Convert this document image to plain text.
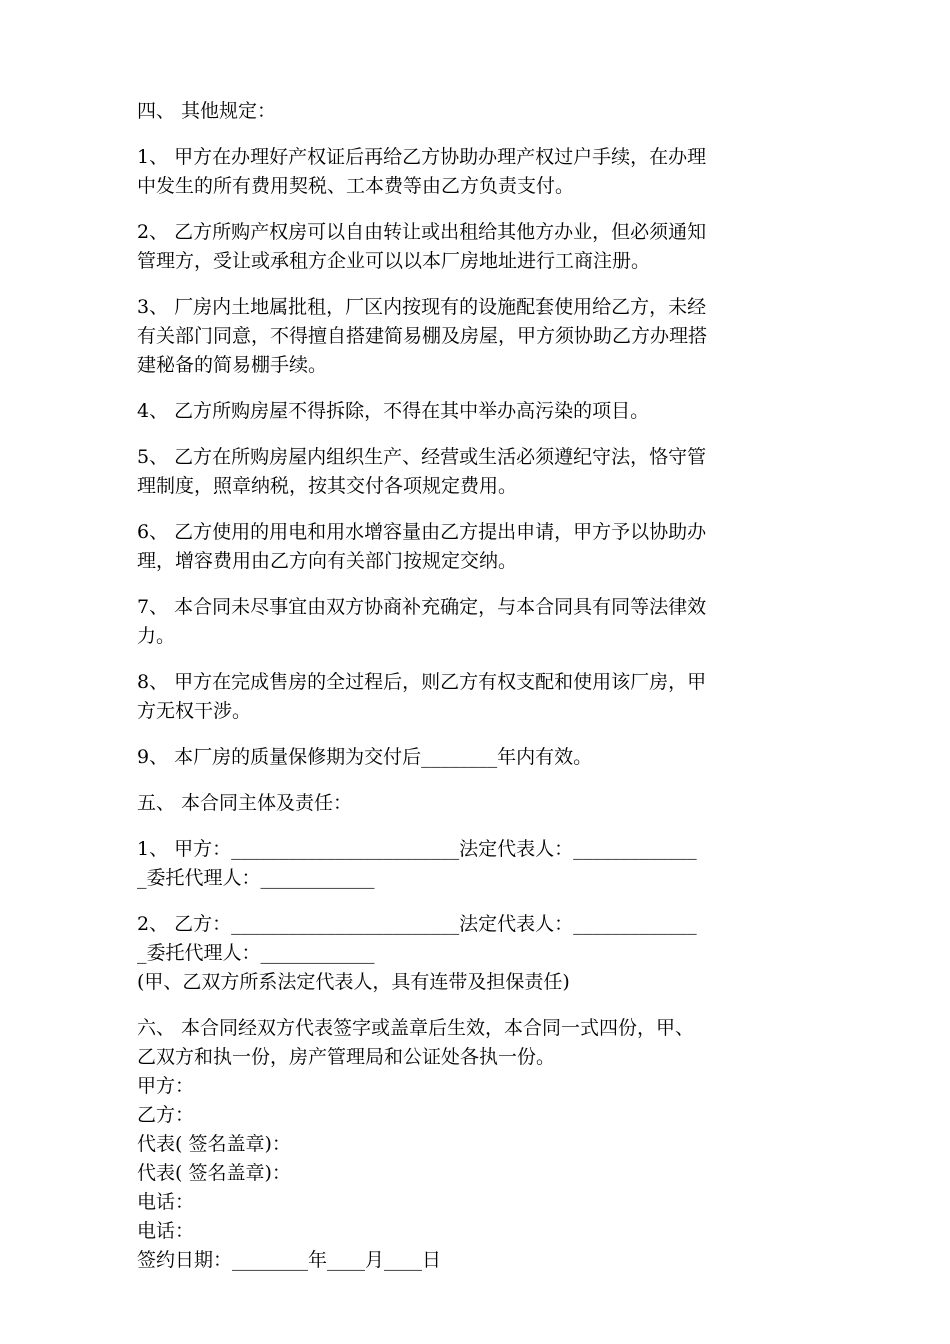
四、 其他规定：
1、 甲方在办理好产权证后再给乙方协助办理产权过户手续，在办理
中发生的所有费用契税、工本费等由乙方负责支付。
2、 乙方所购产权房可以自由转让或出租给其他方办业，但必须通知
管理方，受让或承租方企业可以以本厂房地址进行工商注册。
3、 厂房内土地属批租，厂区内按现有的设施配套使用给乙方，未经
有关部门同意，不得擅自搭建简易棚及房屋，甲方须协助乙方办理搭
建秘备的简易棚手续。
4、 乙方所购房屋不得拆除，不得在其中举办高污染的项目。
5、 乙方在所购房屋内组织生产、经营或生活必须遵纪守法，恪守管
理制度，照章纳税，按其交付各项规定费用。
6、 乙方使用的用电和用水增容量由乙方提出申请，甲方予以协助办
理，增容费用由乙方向有关部门按规定交纳。
7、 本合同未尽事宜由双方协商补充确定，与本合同具有同等法律效
力。
8、 甲方在完成售房的全过程后，则乙方有权支配和使用该厂房，甲
方无权干涉。
9、 本厂房的质量保修期为交付后________年内有效。
五、 本合同主体及责任：
1、 甲方：________________________法定代表人：_____________
_委托代理人：____________
2、 乙方：________________________法定代表人：_____________
_委托代理人：____________
(甲、乙双方所系法定代表人，具有连带及担保责任)
六、 本合同经双方代表签字或盖章后生效，本合同一式四份，甲、
乙双方和执一份，房产管理局和公证处各执一份。
甲方：
乙方：
代表( 签名盖章)：
代表( 签名盖章)：
电话：
电话：
签约日期：________年____月____日
